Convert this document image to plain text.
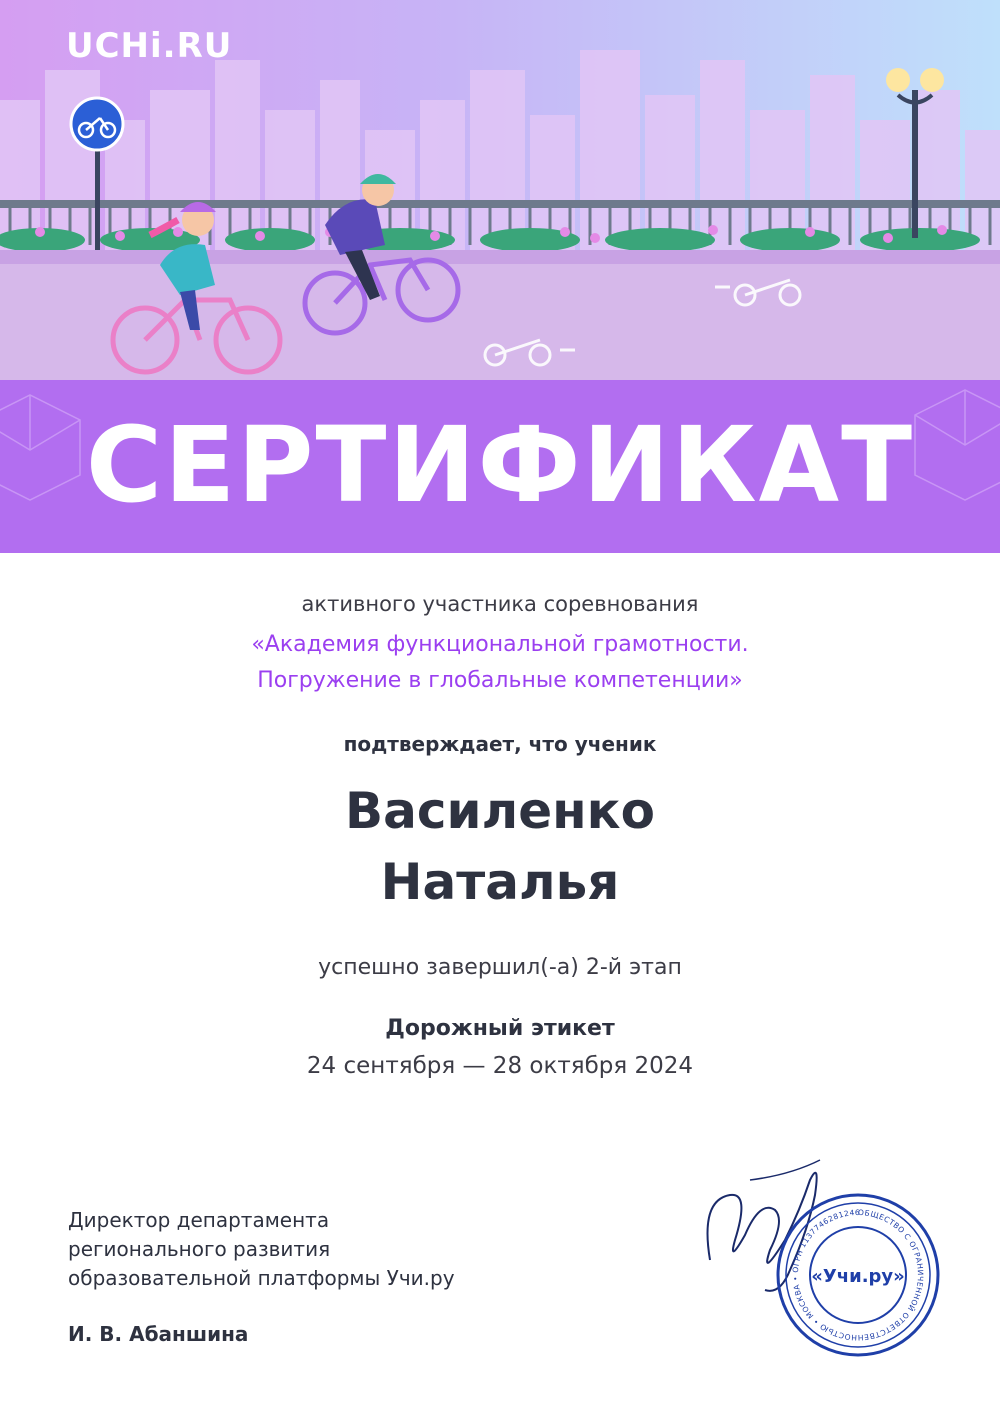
UCHi.RU
СЕРТИФИКАТ
активного участника соревнования
«Академия функциональной грамотности.
Погружение в глобальные компетенции»
подтверждает, что ученик
Василенко
Наталья
успешно завершил(-а) 2-й этап
Дорожный этикет
24 сентября — 28 октября 2024
Директор департамента
регионального развития
образовательной платформы Учи.ру
И. В. Абаншина
ОБЩЕСТВО С ОГРАНИЧЕННОЙ ОТВЕТСТВЕННОСТЬЮ • МОСКВА • ОГРН 1137746281246
«Учи.ру»
